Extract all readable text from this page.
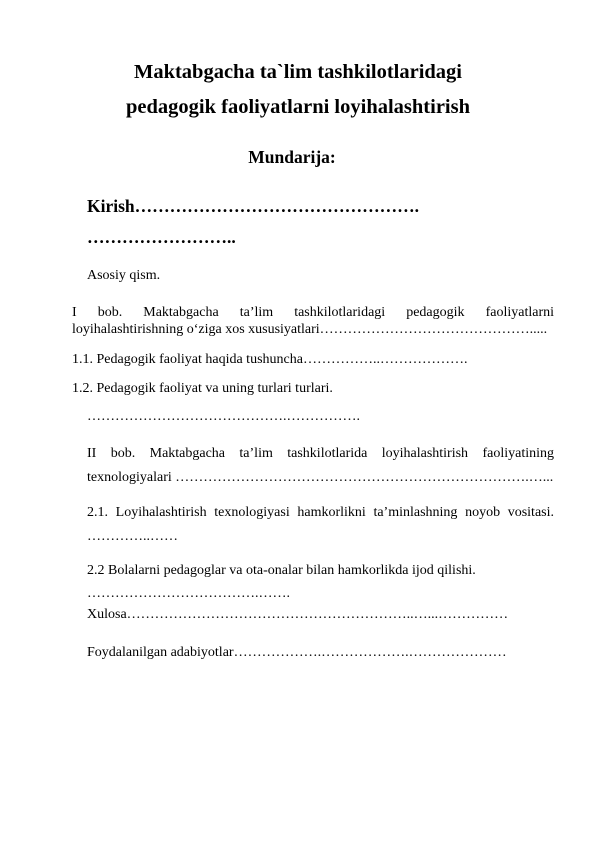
Maktabgacha ta`lim tashkilotlaridagi
pedagogik faoliyatlarni loyihalashtirish
Mundarija:
Kirish………………………………………….
……………………..
Asosiy qism.
I bob. Maktabgacha ta’lim tashkilotlaridagi pedagogik faoliyatlarni
loyihalashtirishning o‘ziga xos xususiyatlari……………………………………….....
1.1. Pedagogik faoliyat haqida tushuncha……………..……………….
1.2. Pedagogik faoliyat va uning turlari turlari.
…………………………………….…………….
II bob. Maktabgacha ta’lim tashkilotlarida loyihalashtirish faoliyatining
texnologiyalari ………………………………………………………………….…...
2.1. Loyihalashtirish texnologiyasi hamkorlikni ta’minlashning noyob vositasi.
…………..……
2.2 Bolalarni pedagoglar va ota-onalar bilan hamkorlikda ijod qilishi.
……………………………….…….
Xulosa……………………………………………………..…...……………
Foydalanilgan adabiyotlar……………….……………….…………………
